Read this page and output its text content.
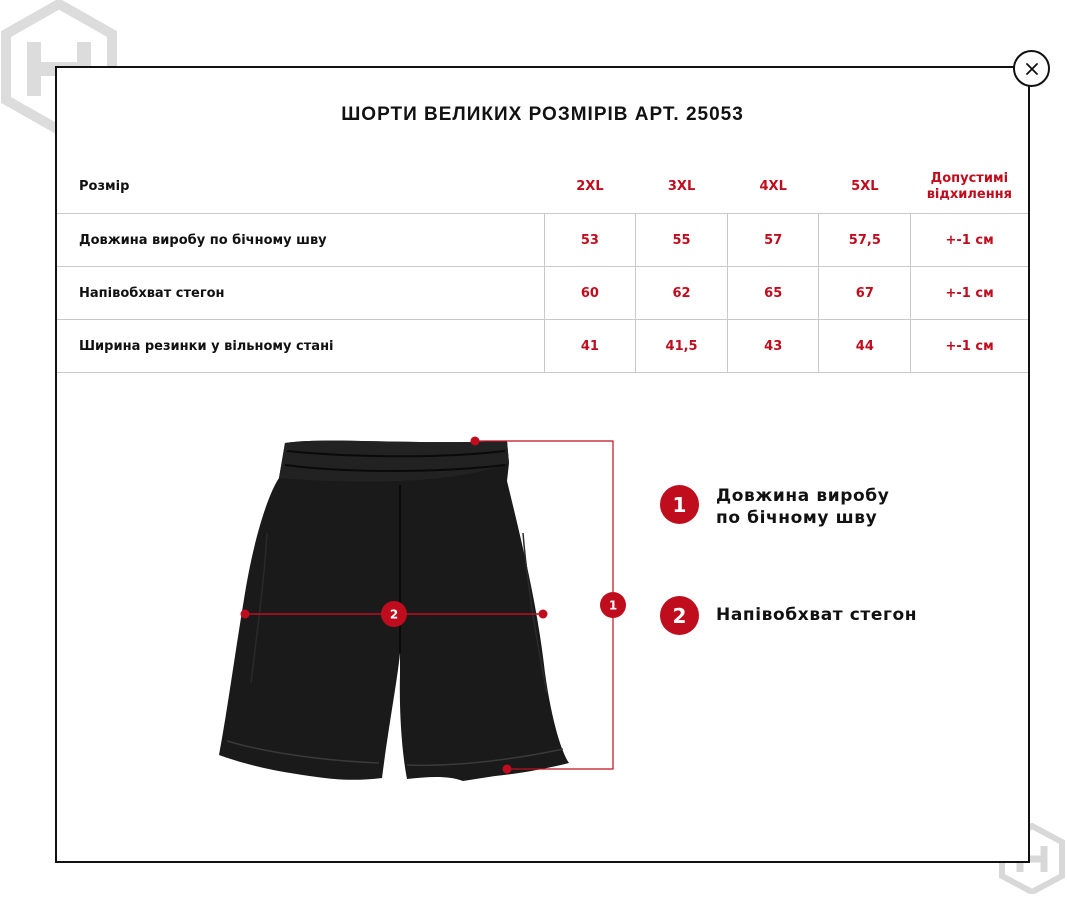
ШОРТИ ВЕЛИКИХ РОЗМІРІВ АРТ. 25053
Розмір	2XL	3XL	4XL	5XL	Допустимі відхилення
Довжина виробу по бічному шву	53	55	57	57,5	+-1 см
Напівобхват стегон	60	62	65	67	+-1 см
Ширина резинки у вільному стані	41	41,5	43	44	+-1 см
2
1
1	Довжина виробу
по бічному шву
2	Напівобхват стегон
